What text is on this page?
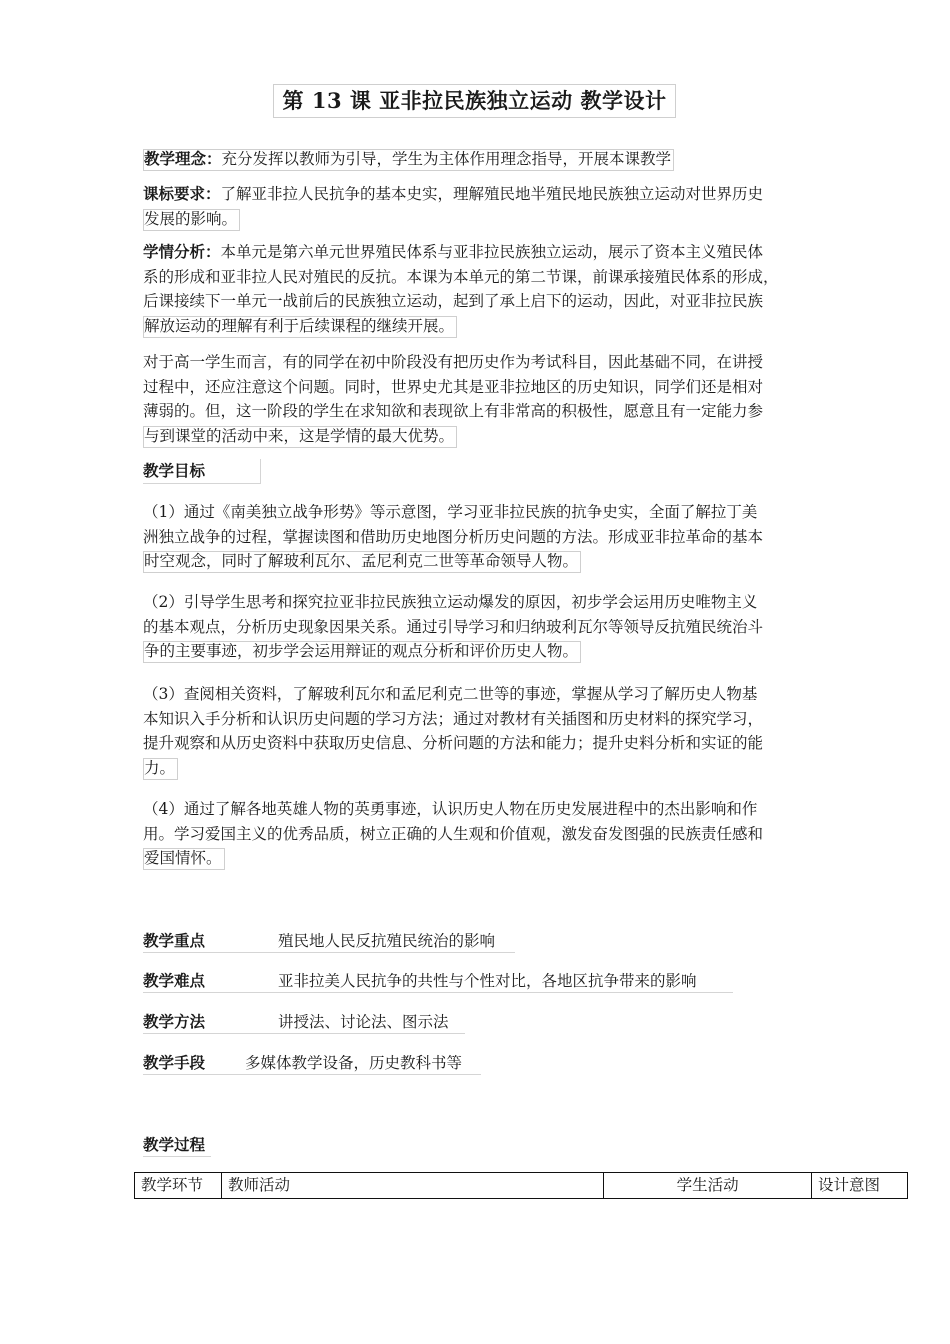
第 13 课 亚非拉民族独立运动 教学设计
教学理念：充分发挥以教师为引导，学生为主体作用理念指导，开展本课教学
课标要求：了解亚非拉人民抗争的基本史实，理解殖民地半殖民地民族独立运动对世界历史
发展的影响。
学情分析：本单元是第六单元世界殖民体系与亚非拉民族独立运动，展示了资本主义殖民体
系的形成和亚非拉人民对殖民的反抗。本课为本单元的第二节课，前课承接殖民体系的形成，
后课接续下一单元一战前后的民族独立运动，起到了承上启下的运动，因此，对亚非拉民族
解放运动的理解有利于后续课程的继续开展。
对于高一学生而言，有的同学在初中阶段没有把历史作为考试科目，因此基础不同，在讲授
过程中，还应注意这个问题。同时，世界史尤其是亚非拉地区的历史知识，同学们还是相对
薄弱的。但，这一阶段的学生在求知欲和表现欲上有非常高的积极性，愿意且有一定能力参
与到课堂的活动中来，这是学情的最大优势。
教学目标
（1）通过《南美独立战争形势》等示意图，学习亚非拉民族的抗争史实，全面了解拉丁美
洲独立战争的过程，掌握读图和借助历史地图分析历史问题的方法。形成亚非拉革命的基本
时空观念，同时了解玻利瓦尔、孟尼利克二世等革命领导人物。
（2）引导学生思考和探究拉亚非拉民族独立运动爆发的原因，初步学会运用历史唯物主义
的基本观点，分析历史现象因果关系。通过引导学习和归纳玻利瓦尔等领导反抗殖民统治斗
争的主要事迹，初步学会运用辩证的观点分析和评价历史人物。
（3）查阅相关资料，了解玻利瓦尔和孟尼利克二世等的事迹，掌握从学习了解历史人物基
本知识入手分析和认识历史问题的学习方法；通过对教材有关插图和历史材料的探究学习，
提升观察和从历史资料中获取历史信息、分析问题的方法和能力；提升史料分析和实证的能
力。
（4）通过了解各地英雄人物的英勇事迹，认识历史人物在历史发展进程中的杰出影响和作
用。学习爱国主义的优秀品质，树立正确的人生观和价值观，激发奋发图强的民族责任感和
爱国情怀。
教学重点	殖民地人民反抗殖民统治的影响
教学难点	亚非拉美人民抗争的共性与个性对比，各地区抗争带来的影响
教学方法	讲授法、讨论法、图示法
教学手段	多媒体教学设备，历史教科书等
教学过程
教学环节	教师活动	学生活动	设计意图
